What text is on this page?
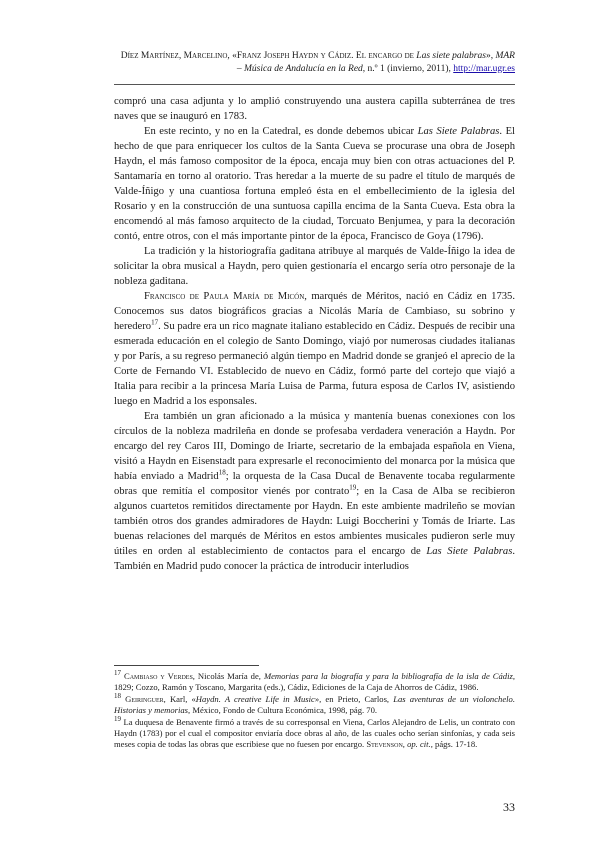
Díez Martínez, Marcelino, «Franz Joseph Haydn y Cádiz. El encargo de Las siete palabras», MAR
– Música de Andalucía en la Red, n.º 1 (invierno, 2011), http://mar.ugr.es

compró una casa adjunta y lo amplió construyendo una austera capilla subterránea de tres naves que se inauguró en 1783.

En este recinto, y no en la Catedral, es donde debemos ubicar Las Siete Palabras. El hecho de que para enriquecer los cultos de la Santa Cueva se procurase una obra de Joseph Haydn, el más famoso compositor de la época, encaja muy bien con otras actuaciones del P. Santamaría en torno al oratorio. Tras heredar a la muerte de su padre el título de marqués de Valde-Íñigo y una cuantiosa fortuna empleó ésta en el embellecimiento de la iglesia del Rosario y en la construcción de una suntuosa capilla encima de la Santa Cueva. Esta obra la encomendó al más famoso arquitecto de la ciudad, Torcuato Benjumea, y para la decoración contó, entre otros, con el más importante pintor de la época, Francisco de Goya (1796).

La tradición y la historiografía gaditana atribuye al marqués de Valde-Íñigo la idea de solicitar la obra musical a Haydn, pero quien gestionaría el encargo sería otro personaje de la nobleza gaditana.

Francisco de Paula María de Micón, marqués de Méritos, nació en Cádiz en 1735. Conocemos sus datos biográficos gracias a Nicolás María de Cambiaso, su sobrino y heredero$^{17}$. Su padre era un rico magnate italiano establecido en Cádiz. Después de recibir una esmerada educación en el colegio de Santo Domingo, viajó por numerosas ciudades italianas y por París, a su regreso permaneció algún tiempo en Madrid donde se granjeó el aprecio de la Corte de Fernando VI. Establecido de nuevo en Cádiz, formó parte del cortejo que viajó a Italia para recibir a la princesa María Luisa de Parma, futura esposa de Carlos IV, asistiendo luego en Madrid a los esponsales.

Era también un gran aficionado a la música y mantenía buenas conexiones con los círculos de la nobleza madrileña en donde se profesaba verdadera veneración a Haydn. Por encargo del rey Caros III, Domingo de Iriarte, secretario de la embajada española en Viena, visitó a Haydn en Eisenstadt para expresarle el reconocimiento del monarca por la música que había enviado a Madrid$^{18}$; la orquesta de la Casa Ducal de Benavente tocaba regularmente obras que remitía el compositor vienés por contrato$^{19}$; en la Casa de Alba se recibieron algunos cuartetos remitidos directamente por Haydn. En este ambiente madrileño se movían también otros dos grandes admiradores de Haydn: Luigi Boccherini y Tomás de Iriarte. Las buenas relaciones del marqués de Méritos en estos ambientes musicales pudieron serle muy útiles en orden al establecimiento de contactos para el encargo de Las Siete Palabras. También en Madrid pudo conocer la práctica de introducir interludios

$^{17}$ Cambiaso y Verdes, Nicolás María de, Memorias para la biografía y para la bibliografía de la isla de Cádiz, 1829; Cozzo, Ramón y Toscano, Margarita (eds.), Cádiz, Ediciones de la Caja de Ahorros de Cádiz, 1986.

$^{18}$ Geiringuer, Karl, «Haydn. A creative Life in Music», en Prieto, Carlos, Las aventuras de un violonchelo. Historias y memorias, México, Fondo de Cultura Económica, 1998, pág. 70.

$^{19}$ La duquesa de Benavente firmó a través de su corresponsal en Viena, Carlos Alejandro de Lelis, un contrato con Haydn (1783) por el cual el compositor enviaría doce obras al año, de las cuales ocho serían sinfonías, y cada seis meses copia de todas las obras que escribiese que no fuesen por encargo. Stevenson, op. cit., págs. 17-18.

33
